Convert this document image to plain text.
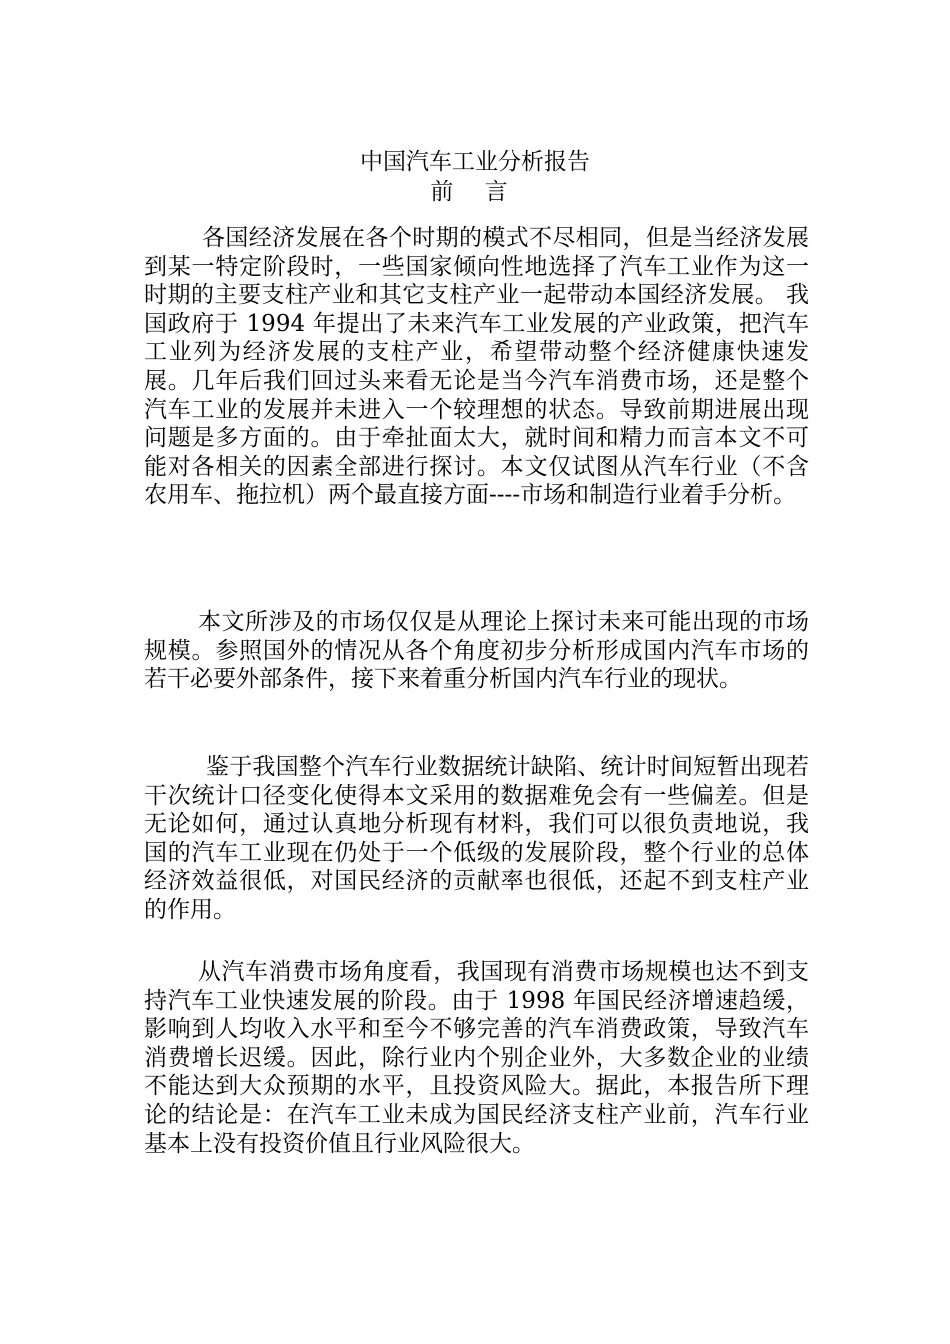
中国汽车工业分析报告
前 言

各国经济发展在各个时期的模式不尽相同，但是当经济发展到某一特定阶段时，一些国家倾向性地选择了汽车工业作为这一时期的主要支柱产业和其它支柱产业一起带动本国经济发展。 我国政府于 1994 年提出了未来汽车工业发展的产业政策，把汽车工业列为经济发展的支柱产业，希望带动整个经济健康快速发展。几年后我们回过头来看无论是当今汽车消费市场，还是整个汽车工业的发展并未进入一个较理想的状态。导致前期进展出现问题是多方面的。由于牵扯面太大，就时间和精力而言本文不可能对各相关的因素全部进行探讨。本文仅试图从汽车行业（不含农用车、拖拉机）两个最直接方面----市场和制造行业着手分析。

本文所涉及的市场仅仅是从理论上探讨未来可能出现的市场规模。参照国外的情况从各个角度初步分析形成国内汽车市场的若干必要外部条件，接下来着重分析国内汽车行业的现状。

鉴于我国整个汽车行业数据统计缺陷、统计时间短暂出现若干次统计口径变化使得本文采用的数据难免会有一些偏差。但是无论如何，通过认真地分析现有材料，我们可以很负责地说，我国的汽车工业现在仍处于一个低级的发展阶段，整个行业的总体经济效益很低，对国民经济的贡献率也很低，还起不到支柱产业的作用。

从汽车消费市场角度看，我国现有消费市场规模也达不到支持汽车工业快速发展的阶段。由于 1998 年国民经济增速趋缓，影响到人均收入水平和至今不够完善的汽车消费政策，导致汽车消费增长迟缓。因此，除行业内个别企业外，大多数企业的业绩不能达到大众预期的水平，且投资风险大。据此，本报告所下理论的结论是：在汽车工业未成为国民经济支柱产业前，汽车行业基本上没有投资价值且行业风险很大。
